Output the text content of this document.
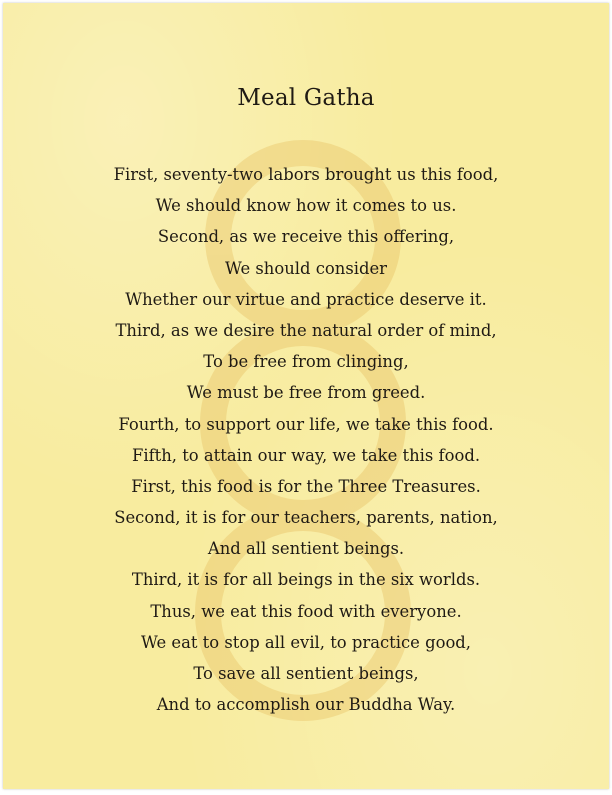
Meal Gatha
First, seventy-two labors brought us this food,
We should know how it comes to us.
Second, as we receive this offering,
We should consider
Whether our virtue and practice deserve it.
Third, as we desire the natural order of mind,
To be free from clinging,
We must be free from greed.
Fourth, to support our life, we take this food.
Fifth, to attain our way, we take this food.
First, this food is for the Three Treasures.
Second, it is for our teachers, parents, nation,
And all sentient beings.
Third, it is for all beings in the six worlds.
Thus, we eat this food with everyone.
We eat to stop all evil, to practice good,
To save all sentient beings,
And to accomplish our Buddha Way.
